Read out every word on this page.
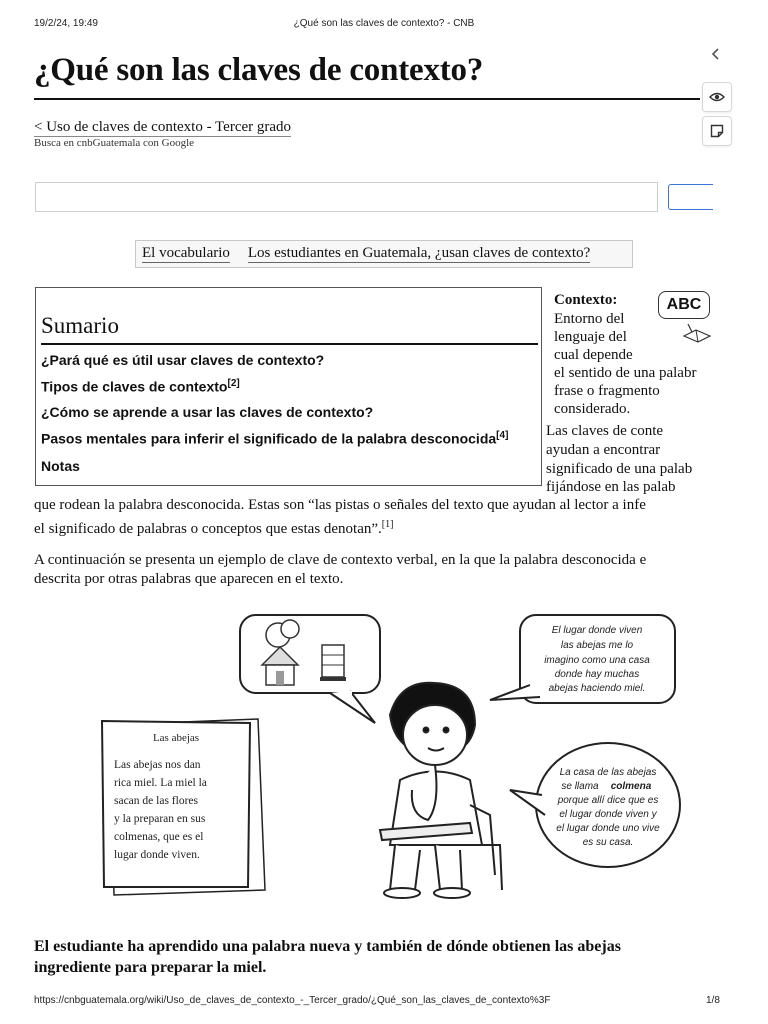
19/2/24, 19:49	¿Qué son las claves de contexto? - CNB
¿Qué son las claves de contexto?
< Uso de claves de contexto - Tercer grado
Busca en cnbGuatemala con Google
El vocabulario Los estudiantes en Guatemala, ¿usan claves de contexto?
Sumario
¿Pará qué es útil usar claves de contexto?
Tipos de claves de contexto[2]
¿Cómo se aprende a usar las claves de contexto?
Pasos mentales para inferir el significado de la palabra desconocida[4]
Notas
Contexto:	ABC
Entorno del
lenguaje del
cual depende
el sentido de una palabr
frase o fragmento
considerado.
Las claves de conte
ayudan a encontrar
significado de una palab
fijándose en las palab
que rodean la palabra desconocida. Estas son “las pistas o señales del texto que ayudan al lector a infe
el significado de palabras o conceptos que estas denotan”.[1]
A continuación se presenta un ejemplo de clave de contexto verbal, en la que la palabra desconocida e
descrita por otras palabras que aparecen en el texto.
El lugar donde viven
las abejas me lo
imagino como una casa
donde hay muchas
abejas haciendo miel.
La casa de las abejas
se llama colmena
porque allí dice que es
el lugar donde viven y
el lugar donde uno vive
es su casa.
Las abejas
Las abejas nos dan
rica miel. La miel la
sacan de las flores
y la preparan en sus
colmenas, que es el
lugar donde viven.
El estudiante ha aprendido una palabra nueva y también de dónde obtienen las abejas
ingrediente para preparar la miel.
https://cnbguatemala.org/wiki/Uso_de_claves_de_contexto_-_Tercer_grado/¿Qué_son_las_claves_de_contexto%3F	1/8
